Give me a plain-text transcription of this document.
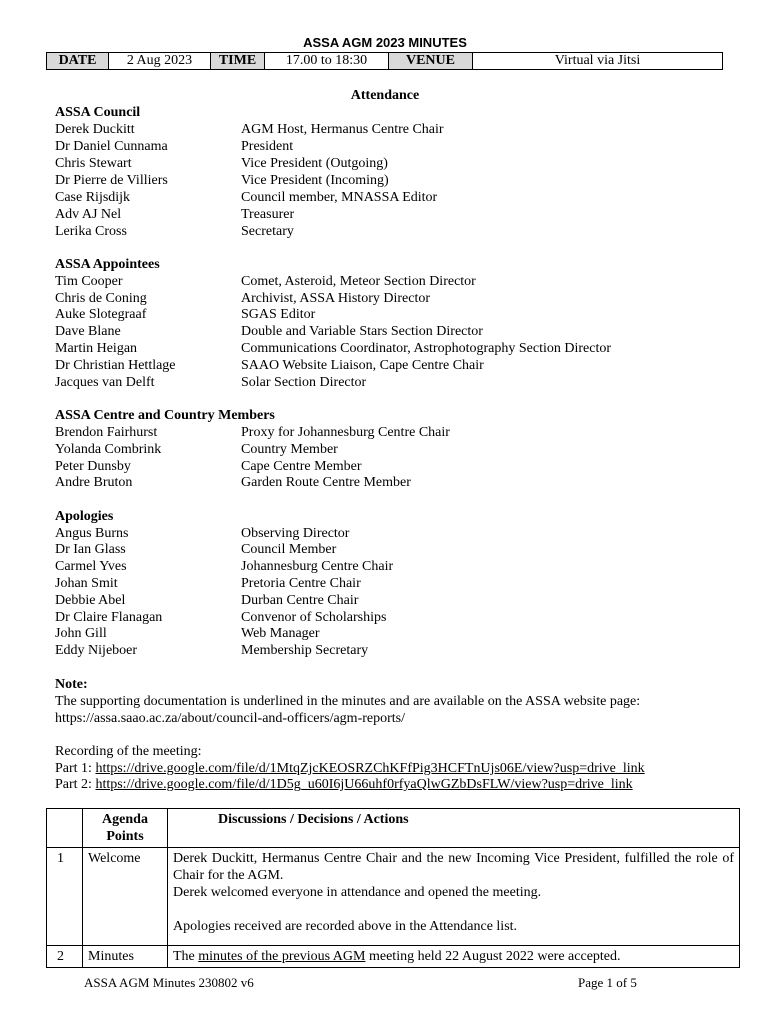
ASSA AGM 2023 MINUTES
DATE	2 Aug 2023	TIME	17.00 to 18:30	VENUE	Virtual via Jitsi
Attendance
ASSA Council
Derek Duckitt	AGM Host, Hermanus Centre Chair
Dr Daniel Cunnama	President
Chris Stewart	Vice President (Outgoing)
Dr Pierre de Villiers	Vice President (Incoming)
Case Rijsdijk	Council member, MNASSA Editor
Adv AJ Nel	Treasurer
Lerika Cross	Secretary
ASSA Appointees
Tim Cooper	Comet, Asteroid, Meteor Section Director
Chris de Coning	Archivist, ASSA History Director
Auke Slotegraaf	SGAS Editor
Dave Blane	Double and Variable Stars Section Director
Martin Heigan	Communications Coordinator, Astrophotography Section Director
Dr Christian Hettlage	SAAO Website Liaison, Cape Centre Chair
Jacques van Delft	Solar Section Director
ASSA Centre and Country Members
Brendon Fairhurst	Proxy for Johannesburg Centre Chair
Yolanda Combrink	Country Member
Peter Dunsby	Cape Centre Member
Andre Bruton	Garden Route Centre Member
Apologies
Angus Burns	Observing Director
Dr Ian Glass	Council Member
Carmel Yves	Johannesburg Centre Chair
Johan Smit	Pretoria Centre Chair
Debbie Abel	Durban Centre Chair
Dr Claire Flanagan	Convenor of Scholarships
John Gill	Web Manager
Eddy Nijeboer	Membership Secretary
Note:
The supporting documentation is underlined in the minutes and are available on the ASSA website page:
https://assa.saao.ac.za/about/council-and-officers/agm-reports/
Recording of the meeting:
Part 1: https://drive.google.com/file/d/1MtqZjcKEOSRZChKFfPig3HCFTnUjs06E/view?usp=drive_link
Part 2: https://drive.google.com/file/d/1D5g_u60I6jU66uhf0rfyaQlwGZbDsFLW/view?usp=drive_link
	Agenda Points	Discussions / Decisions / Actions
1	Welcome	Derek Duckitt, Hermanus Centre Chair and the new Incoming Vice President, fulfilled the role of Chair for the AGM.
Derek welcomed everyone in attendance and opened the meeting.
Apologies received are recorded above in the Attendance list.

2	Minutes	The minutes of the previous AGM meeting held 22 August 2022 were accepted.
ASSA AGM Minutes 230802 v6	Page 1 of 5
